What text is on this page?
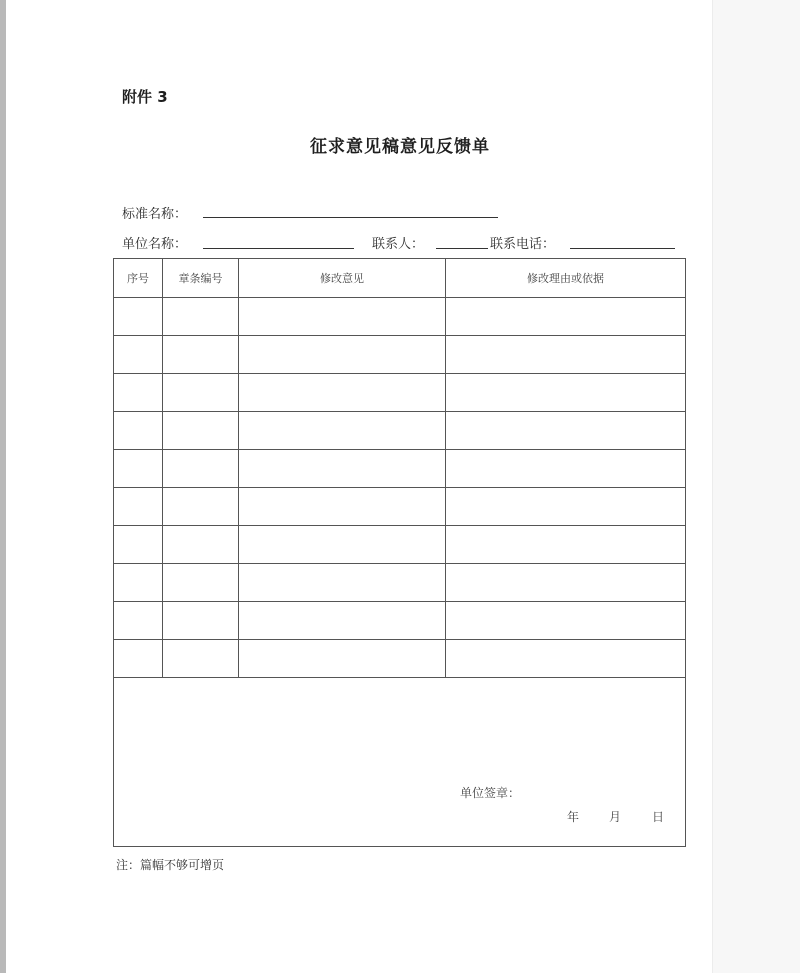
附件 3
征求意见稿意见反馈单
标准名称：
单位名称：	联系人：	联系电话：
序号	章条编号	修改意见	修改理由或依据

单位签章：
年 月 日			
注：篇幅不够可增页
